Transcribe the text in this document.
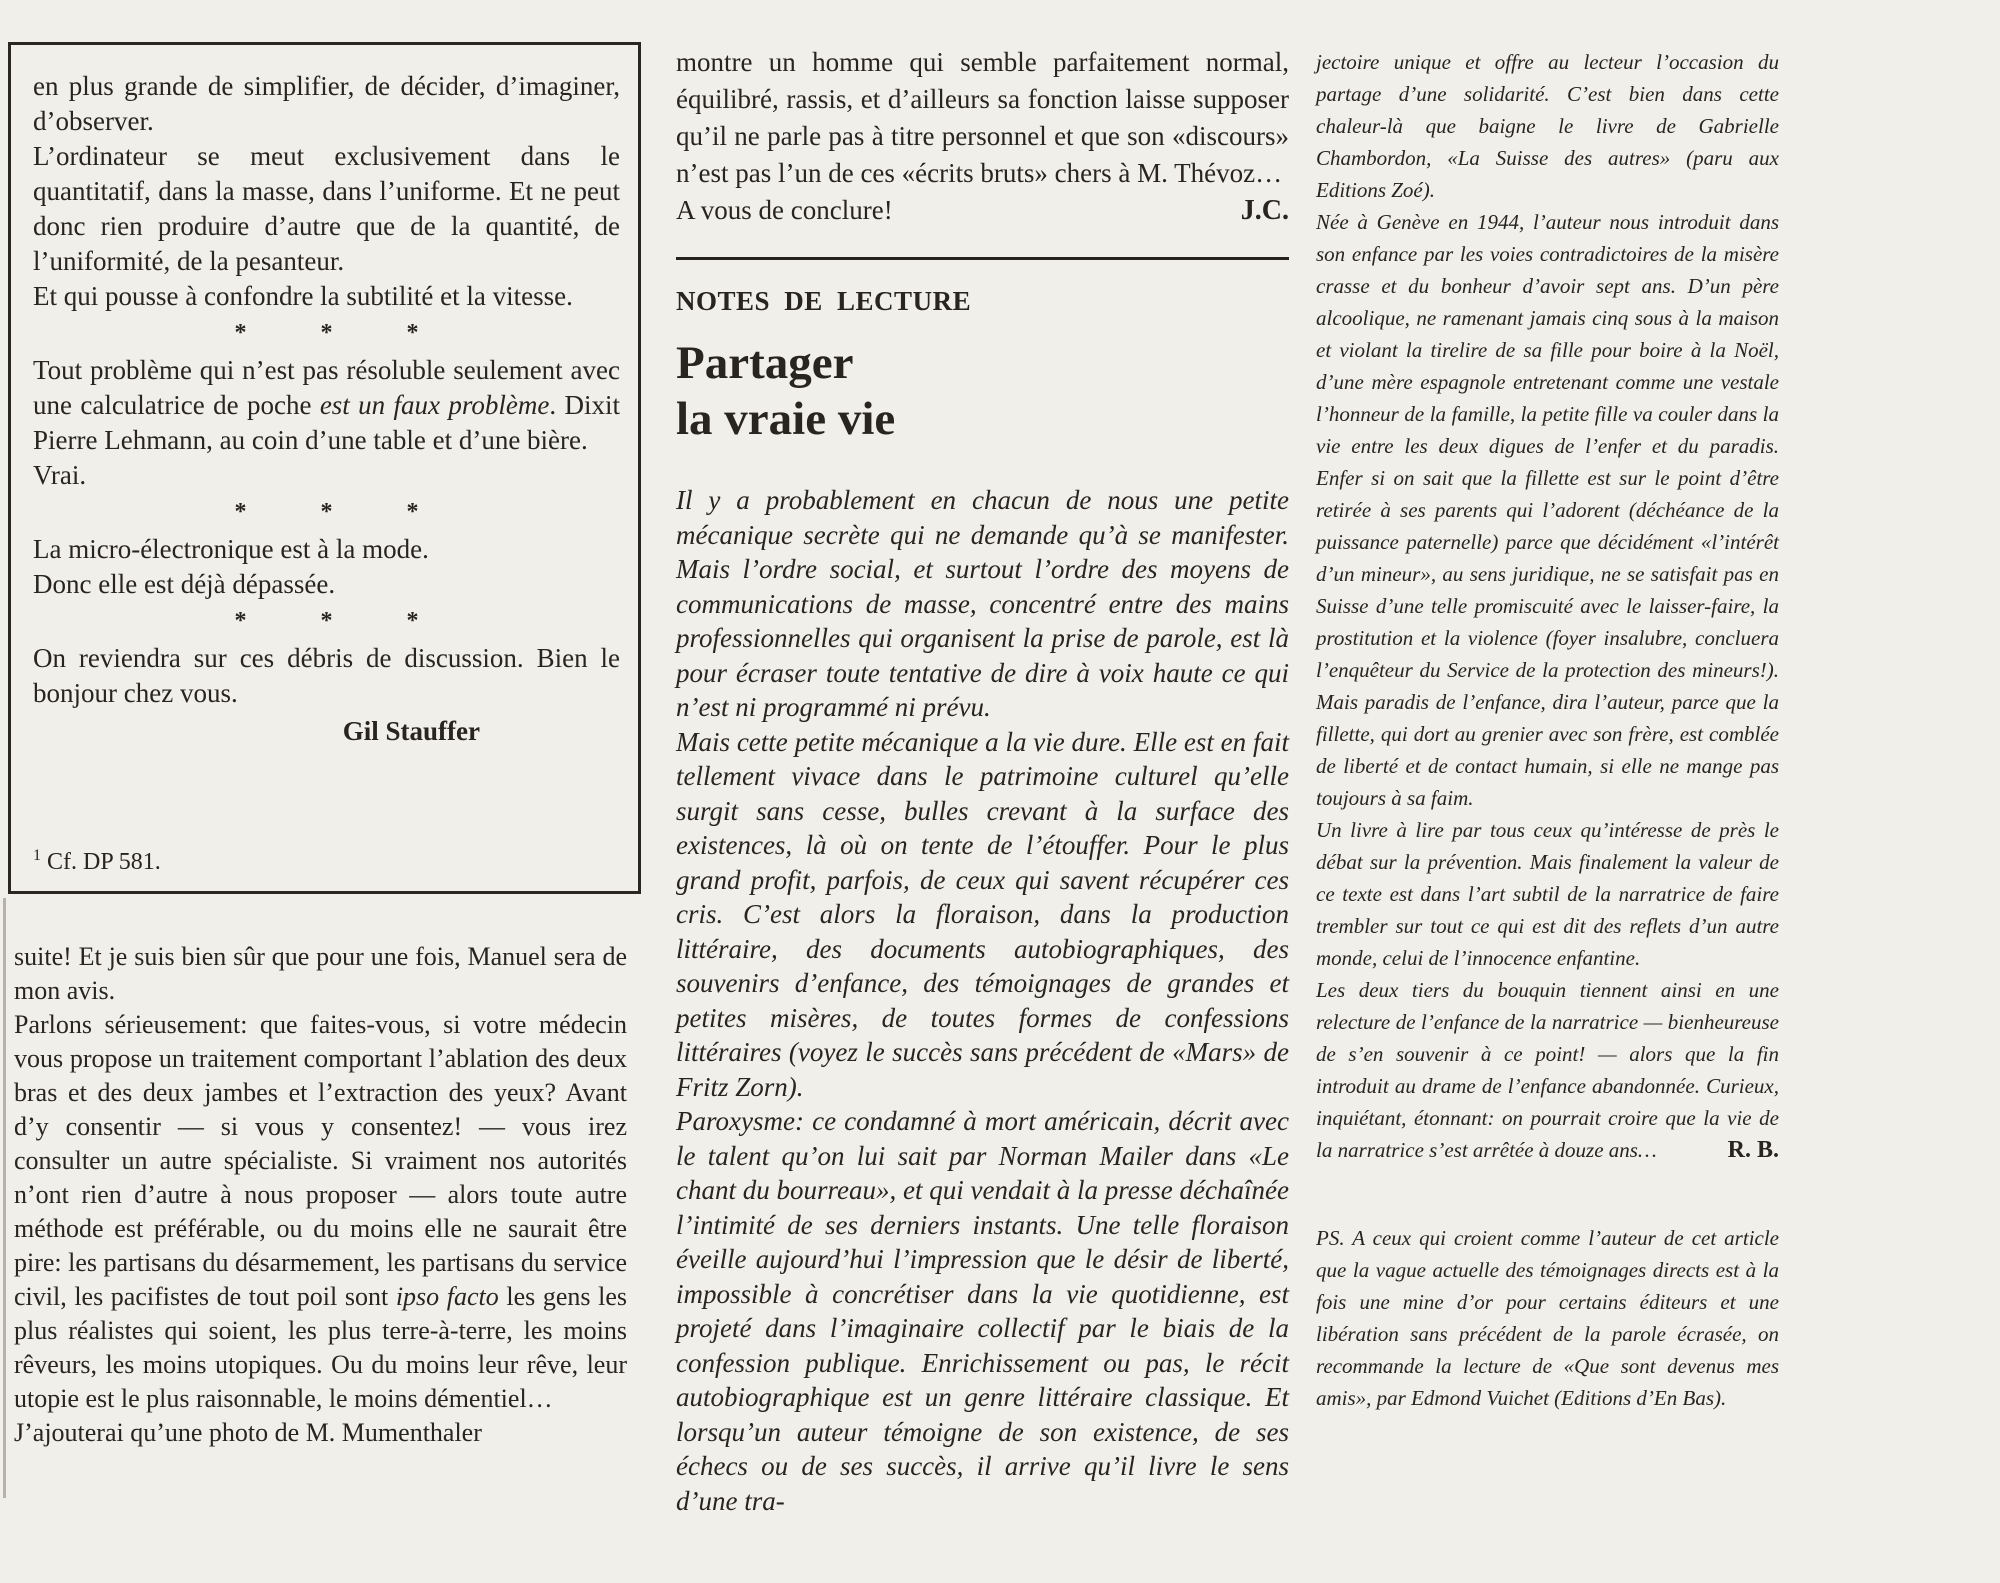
en plus grande de simplifier, de décider, d’imaginer, d’observer.

L’ordinateur se meut exclusivement dans le quantitatif, dans la masse, dans l’uniforme. Et ne peut donc rien produire d’autre que de la quantité, de l’uniformité, de la pesanteur.

Et qui pousse à confondre la subtilité et la vitesse.

* * *

Tout problème qui n’est pas résoluble seulement avec une calculatrice de poche est un faux problème. Dixit Pierre Lehmann, au coin d’une table et d’une bière.

Vrai.

* * *

La micro-électronique est à la mode.

Donc elle est déjà dépassée.

* * *

On reviendra sur ces débris de discussion. Bien le bonjour chez vous.

Gil Stauffer
$^1$ Cf. DP 581.

suite! Et je suis bien sûr que pour une fois, Manuel sera de mon avis.

Parlons sérieusement: que faites-vous, si votre médecin vous propose un traitement comportant l’ablation des deux bras et des deux jambes et l’extraction des yeux? Avant d’y consentir — si vous y consentez! — vous irez consulter un autre spécialiste. Si vraiment nos autorités n’ont rien d’autre à nous proposer — alors toute autre méthode est préférable, ou du moins elle ne saurait être pire: les partisans du désarmement, les partisans du service civil, les pacifistes de tout poil sont ipso facto les gens les plus réalistes qui soient, les plus terre-à-terre, les moins rêveurs, les moins utopiques. Ou du moins leur rêve, leur utopie est le plus raisonnable, le moins démentiel…

J’ajouterai qu’une photo de M. Mumenthaler

montre un homme qui semble parfaitement normal, équilibré, rassis, et d’ailleurs sa fonction laisse supposer qu’il ne parle pas à titre personnel et que son «discours» n’est pas l’un de ces «écrits bruts» chers à M. Thévoz…

A vous de conclure!	J.C.
NOTES DE LECTURE
Partager
la vraie vie

Il y a probablement en chacun de nous une petite mécanique secrète qui ne demande qu’à se manifester. Mais l’ordre social, et surtout l’ordre des moyens de communications de masse, concentré entre des mains professionnelles qui organisent la prise de parole, est là pour écraser toute tentative de dire à voix haute ce qui n’est ni programmé ni prévu.

Mais cette petite mécanique a la vie dure. Elle est en fait tellement vivace dans le patrimoine culturel qu’elle surgit sans cesse, bulles crevant à la surface des existences, là où on tente de l’étouffer. Pour le plus grand profit, parfois, de ceux qui savent récupérer ces cris. C’est alors la floraison, dans la production littéraire, des documents autobiographiques, des souvenirs d’enfance, des témoignages de grandes et petites misères, de toutes formes de confessions littéraires (voyez le succès sans précédent de «Mars» de Fritz Zorn).

Paroxysme: ce condamné à mort américain, décrit avec le talent qu’on lui sait par Norman Mailer dans «Le chant du bourreau», et qui vendait à la presse déchaînée l’intimité de ses derniers instants. Une telle floraison éveille aujourd’hui l’impression que le désir de liberté, impossible à concrétiser dans la vie quotidienne, est projeté dans l’imaginaire collectif par le biais de la confession publique. Enrichissement ou pas, le récit autobiographique est un genre littéraire classique. Et lorsqu’un auteur témoigne de son existence, de ses échecs ou de ses succès, il arrive qu’il livre le sens d’une tra-

jectoire unique et offre au lecteur l’occasion du partage d’une solidarité. C’est bien dans cette chaleur-là que baigne le livre de Gabrielle Chambordon, «La Suisse des autres» (paru aux Editions Zoé).

Née à Genève en 1944, l’auteur nous introduit dans son enfance par les voies contradictoires de la misère crasse et du bonheur d’avoir sept ans. D’un père alcoolique, ne ramenant jamais cinq sous à la maison et violant la tirelire de sa fille pour boire à la Noël, d’une mère espagnole entretenant comme une vestale l’honneur de la famille, la petite fille va couler dans la vie entre les deux digues de l’enfer et du paradis. Enfer si on sait que la fillette est sur le point d’être retirée à ses parents qui l’adorent (déchéance de la puissance paternelle) parce que décidément «l’intérêt d’un mineur», au sens juridique, ne se satisfait pas en Suisse d’une telle promiscuité avec le laisser-faire, la prostitution et la violence (foyer insalubre, concluera l’enquêteur du Service de la protection des mineurs!). Mais paradis de l’enfance, dira l’auteur, parce que la fillette, qui dort au grenier avec son frère, est comblée de liberté et de contact humain, si elle ne mange pas toujours à sa faim.

Un livre à lire par tous ceux qu’intéresse de près le débat sur la prévention. Mais finalement la valeur de ce texte est dans l’art subtil de la narratrice de faire trembler sur tout ce qui est dit des reflets d’un autre monde, celui de l’innocence enfantine.

Les deux tiers du bouquin tiennent ainsi en une relecture de l’enfance de la narratrice — bienheureuse de s’en souvenir à ce point! — alors que la fin introduit au drame de l’enfance abandonnée. Curieux, inquiétant, étonnant: on pourrait croire que la vie de la narratrice s’est arrêtée à douze ans…	R. B.

PS. A ceux qui croient comme l’auteur de cet article que la vague actuelle des témoignages directs est à la fois une mine d’or pour certains éditeurs et une libération sans précédent de la parole écrasée, on recommande la lecture de «Que sont devenus mes amis», par Edmond Vuichet (Editions d’En Bas).
